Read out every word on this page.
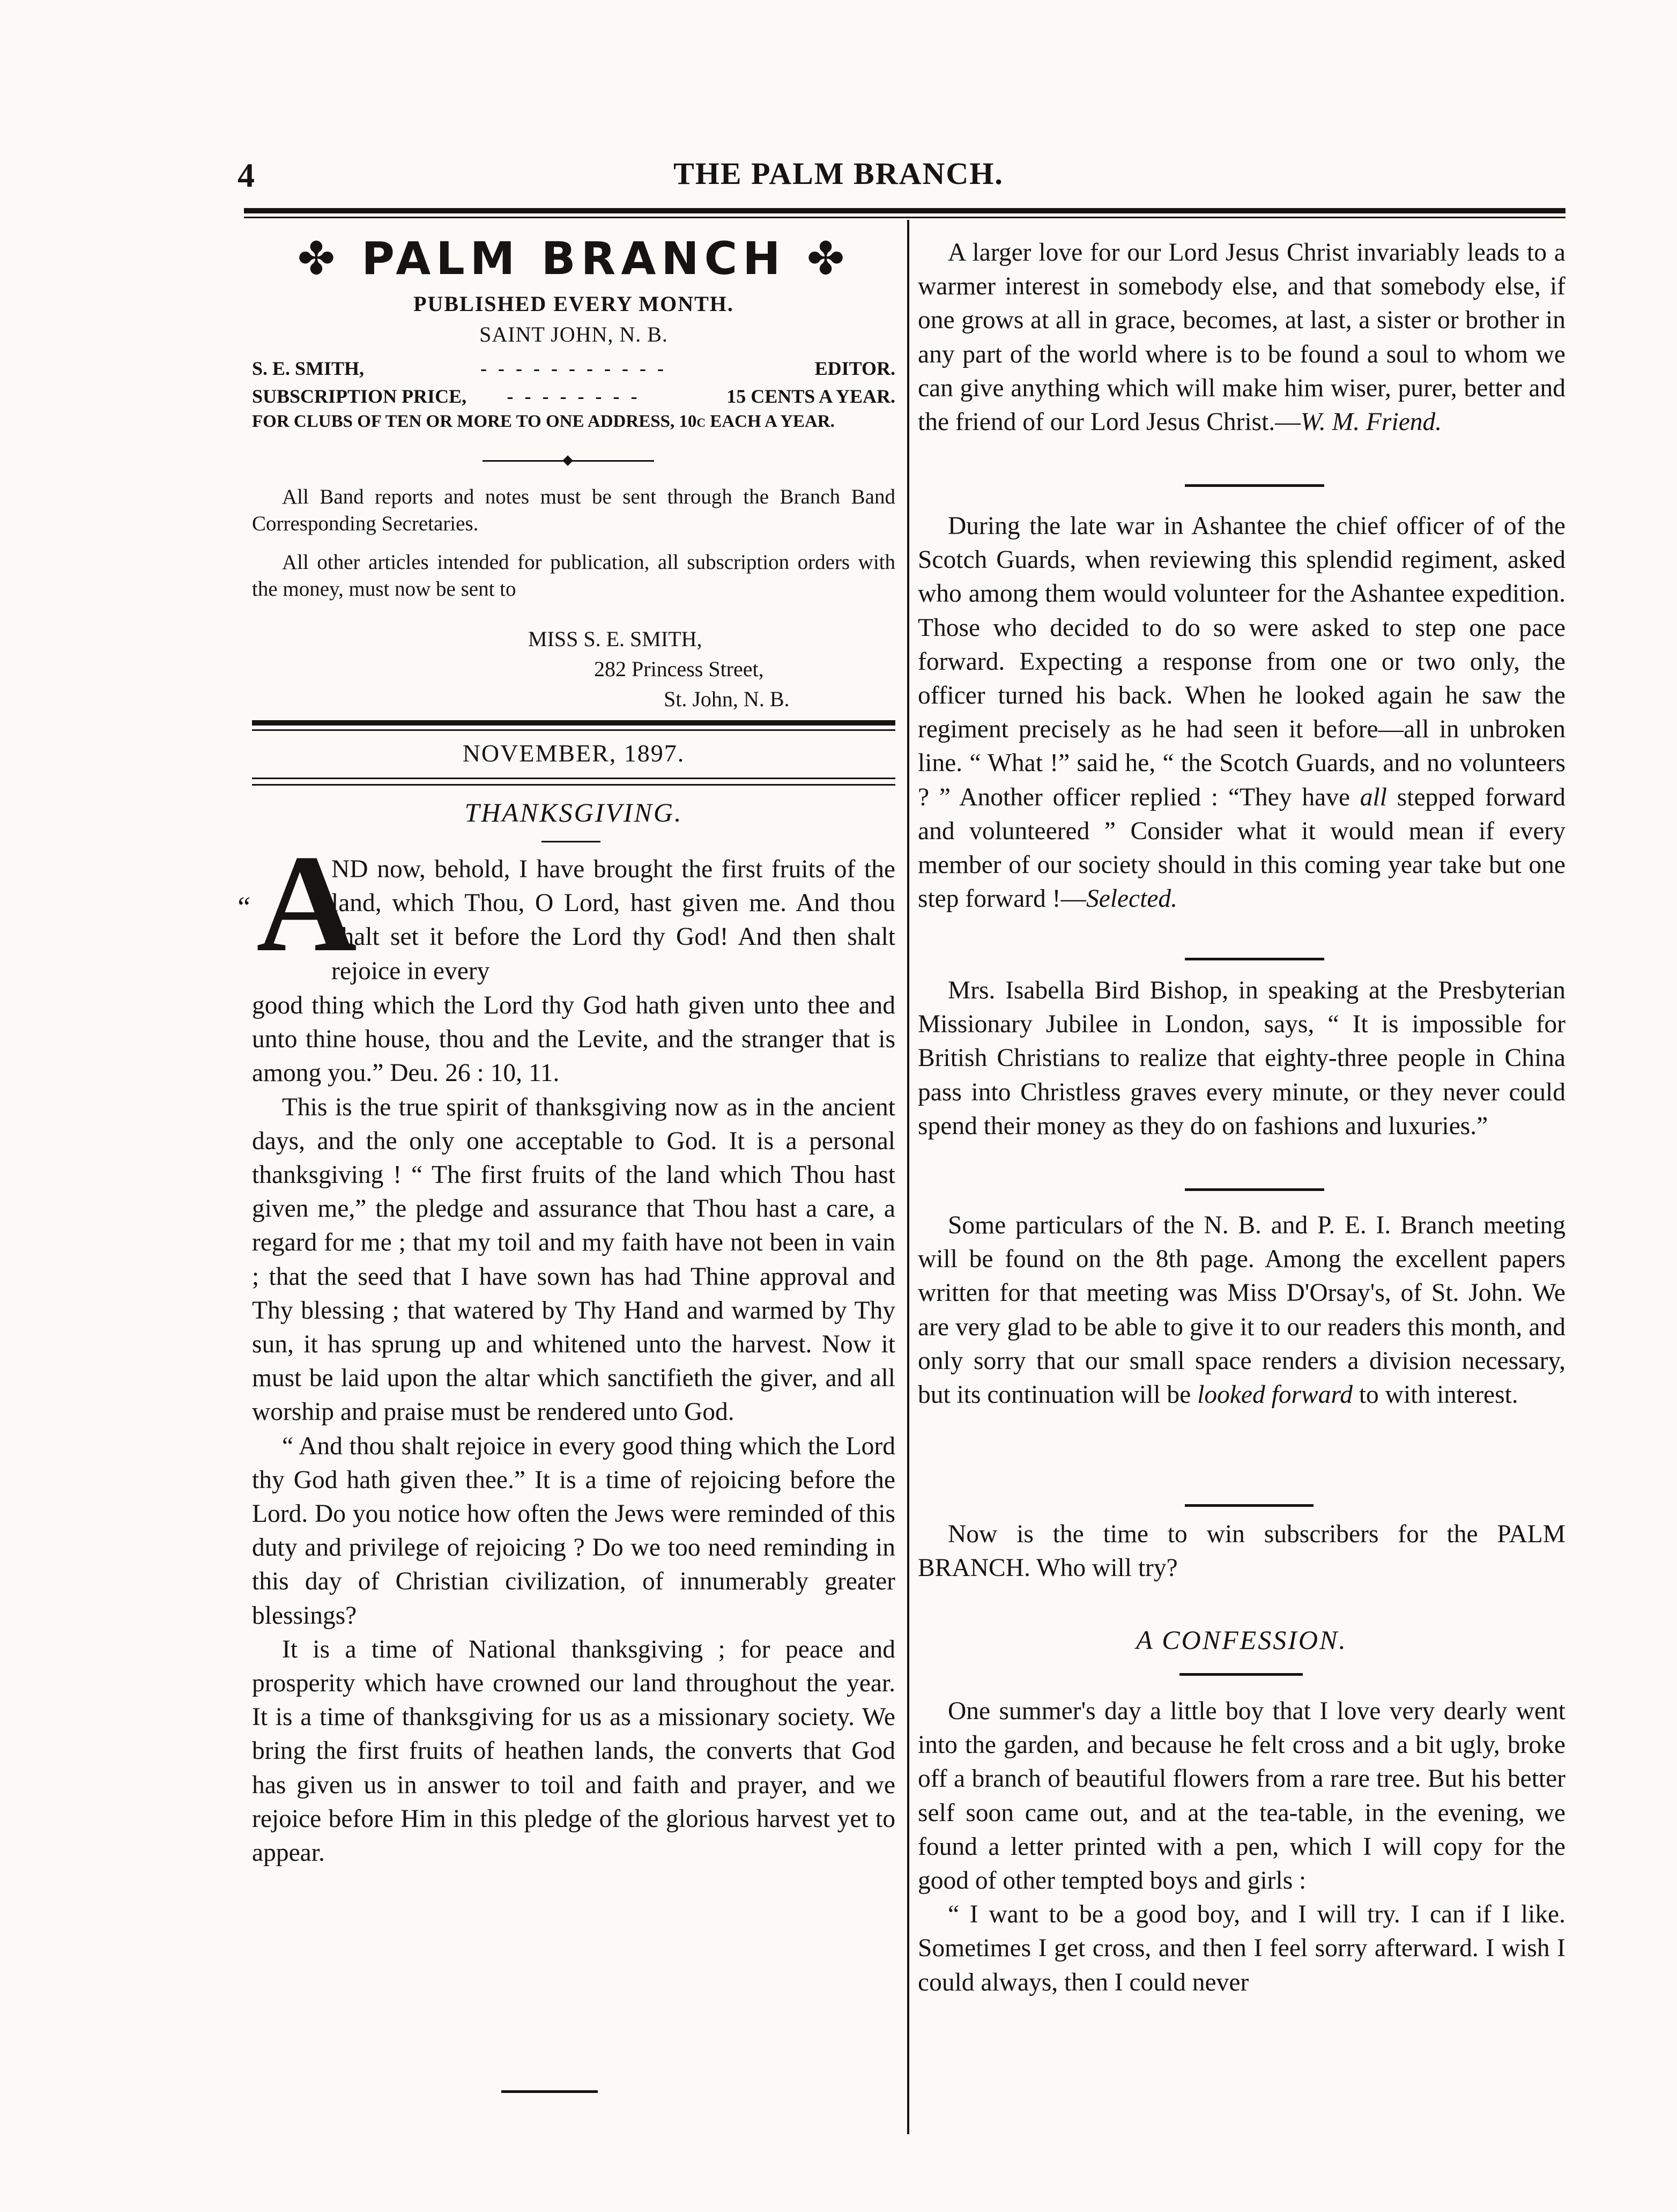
4	THE PALM BRANCH.
✤ PALM BRANCH ✤
PUBLISHED EVERY MONTH.
SAINT JOHN, N. B.
S. E. SMITH,	- - - - - - - - - - -	EDITOR.
SUBSCRIPTION PRICE,	- - - - - - - -	15 CENTS A YEAR.
FOR CLUBS OF TEN OR MORE TO ONE ADDRESS, 10c EACH A YEAR.
All Band reports and notes must be sent through the Branch Band Corresponding Secretaries.
All other articles intended for publication, all subscription orders with the money, must now be sent to
MISS S. E. SMITH,
282 Princess Street,
St. John, N. B.
NOVEMBER, 1897.
THANKSGIVING.
A
“

ND now, behold, I have brought the first fruits of the land, which Thou, O Lord, hast given me. And thou shalt set it before the Lord thy God! And then shalt rejoice in every

good thing which the Lord thy God hath given unto thee and unto thine house, thou and the Levite, and the stranger that is among you.” Deu. 26 : 10, 11.

This is the true spirit of thanksgiving now as in the ancient days, and the only one acceptable to God. It is a personal thanksgiving ! “ The first fruits of the land which Thou hast given me,” the pledge and assurance that Thou hast a care, a regard for me ; that my toil and my faith have not been in vain ; that the seed that I have sown has had Thine approval and Thy blessing ; that watered by Thy Hand and warmed by Thy sun, it has sprung up and whitened unto the harvest. Now it must be laid upon the altar which sanctifieth the giver, and all worship and praise must be rendered unto God.

“ And thou shalt rejoice in every good thing which the Lord thy God hath given thee.” It is a time of rejoicing before the Lord. Do you notice how often the Jews were reminded of this duty and privilege of rejoicing ? Do we too need reminding in this day of Christian civilization, of innumerably greater blessings?

It is a time of National thanksgiving ; for peace and prosperity which have crowned our land throughout the year. It is a time of thanksgiving for us as a missionary society. We bring the first fruits of heathen lands, the converts that God has given us in answer to toil and faith and prayer, and we rejoice before Him in this pledge of the glorious harvest yet to appear.

A larger love for our Lord Jesus Christ invariably leads to a warmer interest in somebody else, and that somebody else, if one grows at all in grace, becomes, at last, a sister or brother in any part of the world where is to be found a soul to whom we can give anything which will make him wiser, purer, better and the friend of our Lord Jesus Christ.—W. M. Friend.

During the late war in Ashantee the chief officer of of the Scotch Guards, when reviewing this splendid regiment, asked who among them would volunteer for the Ashantee expedition. Those who decided to do so were asked to step one pace forward. Expecting a response from one or two only, the officer turned his back. When he looked again he saw the regiment precisely as he had seen it before—all in unbroken line. “ What !” said he, “ the Scotch Guards, and no volunteers ? ” Another officer replied : “They have all stepped forward and volunteered ” Consider what it would mean if every member of our society should in this coming year take but one step forward !—Selected.

Mrs. Isabella Bird Bishop, in speaking at the Presbyterian Missionary Jubilee in London, says, “ It is impossible for British Christians to realize that eighty-three people in China pass into Christless graves every minute, or they never could spend their money as they do on fashions and luxuries.”

Some particulars of the N. B. and P. E. I. Branch meeting will be found on the 8th page. Among the excellent papers written for that meeting was Miss D'Orsay's, of St. John. We are very glad to be able to give it to our readers this month, and only sorry that our small space renders a division necessary, but its continuation will be looked forward to with interest.

Now is the time to win subscribers for the PALM BRANCH. Who will try?

A CONFESSION.

One summer's day a little boy that I love very dearly went into the garden, and because he felt cross and a bit ugly, broke off a branch of beautiful flowers from a rare tree. But his better self soon came out, and at the tea-table, in the evening, we found a letter printed with a pen, which I will copy for the good of other tempted boys and girls :

“ I want to be a good boy, and I will try. I can if I like. Sometimes I get cross, and then I feel sorry afterward. I wish I could always, then I could never
